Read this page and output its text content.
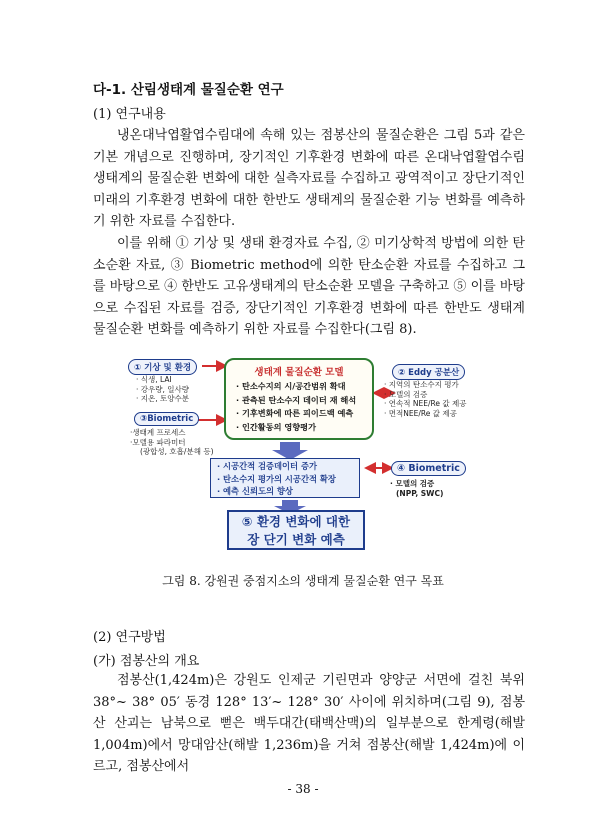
다-1. 산림생태계 물질순환 연구
(1) 연구내용

냉온대낙엽활엽수림대에 속해 있는 점봉산의 물질순환은 그림 5과 같은 기본 개념으로 진행하며, 장기적인 기후환경 변화에 따른 온대낙엽활엽수림 생태계의 물질순환 변화에 대한 실측자료를 수집하고 광역적이고 장단기적인 미래의 기후환경 변화에 대한 한반도 생태계의 물질순환 기능 변화를 예측하기 위한 자료를 수집한다.

이를 위해 ① 기상 및 생태 환경자료 수집, ② 미기상학적 방법에 의한 탄소순환 자료, ③ Biometric method에 의한 탄소순환 자료를 수집하고 그를 바탕으로 ④ 한반도 고유생태계의 탄소순환 모델을 구축하고 ⑤ 이를 바탕으로 수집된 자료를 검증, 장단기적인 기후환경 변화에 따른 한반도 생태계 물질순환 변화를 예측하기 위한 자료를 수집한다(그림 8).

① 기상 및 환경
· 식생, LAI
· 강우량, 일사량
· 지온, 토양수분
③Biometric
·생태계 프로세스
·모델용 파라미터
(광합성, 호흡/분해 등)
생태계 물질순환 모델
· 탄소수지의 시/공간범위 확대
· 관측된 탄소수지 데이터 재 해석
· 기후변화에 따른 피이드백 예측
· 인간활동의 영향평가
② Eddy 공분산
· 지역의 탄소수지 평가
· 모델의 검증
· 연속적 NEE/Re 값 제공
· 면적NEE/Re 값 제공
④ Biometric
· 모델의 검증
(NPP, SWC)
· 시공간적 검증데이터 증가
· 탄소수지 평가의 시공간적 확장
· 예측 신뢰도의 향상
⑤ 환경 변화에 대한
장 단기 변화 예측
그림 8. 강원권 중점지소의 생태계 물질순환 연구 목표
(2) 연구방법
(가) 점봉산의 개요

점봉산(1,424m)은 강원도 인제군 기린면과 양양군 서면에 걸친 북위 38°~ 38° 05′ 동경 128° 13′~ 128° 30′ 사이에 위치하며(그림 9), 점봉산 산괴는 남북으로 뻗은 백두대간(태백산맥)의 일부분으로 한계령(해발 1,004m)에서 망대암산(해발 1,236m)을 거쳐 점봉산(해발 1,424m)에 이르고, 점봉산에서

- 38 -
